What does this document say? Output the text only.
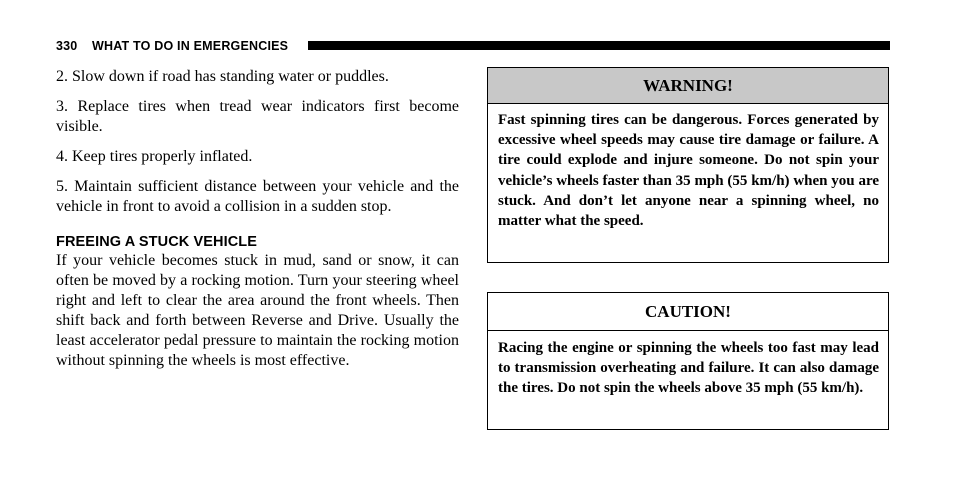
330 WHAT TO DO IN EMERGENCIES

2. Slow down if road has standing water or puddles.

3. Replace tires when tread wear indicators first become visible.

4. Keep tires properly inflated.

5. Maintain sufficient distance between your vehicle and the vehicle in front to avoid a collision in a sudden stop.

FREEING A STUCK VEHICLE

If your vehicle becomes stuck in mud, sand or snow, it can often be moved by a rocking motion. Turn your steering wheel right and left to clear the area around the front wheels. Then shift back and forth between Reverse and Drive. Usually the least accelerator pedal pressure to maintain the rocking motion without spinning the wheels is most effective.

WARNING!

Fast spinning tires can be dangerous. Forces generated by excessive wheel speeds may cause tire damage or failure. A tire could explode and injure someone. Do not spin your vehicle’s wheels faster than 35 mph (55 km/h) when you are stuck. And don’t let anyone near a spinning wheel, no matter what the speed.

CAUTION!

Racing the engine or spinning the wheels too fast may lead to transmission overheating and failure. It can also damage the tires. Do not spin the wheels above 35 mph (55 km/h).
